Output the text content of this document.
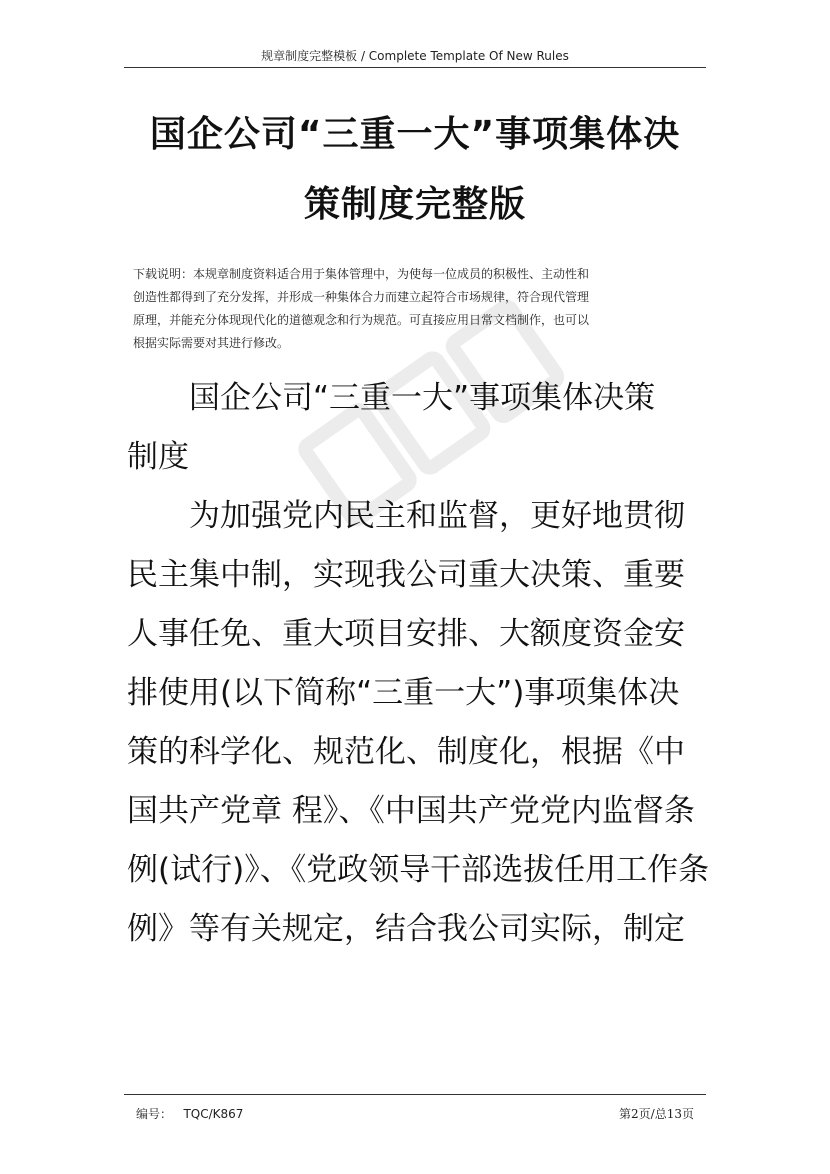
规章制度完整模板 / Complete Template Of New Rules
国企公司“三重一大”事项集体决
策制度完整版
下载说明：本规章制度资料适合用于集体管理中，为使每一位成员的积极性、主动性和
创造性都得到了充分发挥，并形成一种集体合力而建立起符合市场规律，符合现代管理
原理，并能充分体现现代化的道德观念和行为规范。可直接应用日常文档制作，也可以
根据实际需要对其进行修改。
国企公司“三重一大”事项集体决策
制度
为加强党内民主和监督，更好地贯彻
民主集中制，实现我公司重大决策、重要
人事任免、重大项目安排、大额度资金安
排使用(以下简称“三重一大”)事项集体决
策的科学化、规范化、制度化，根据《中
国共产党章 程》、《中国共产党党内监督条
例(试行)》、《党政领导干部选拔任用工作条
例》等有关规定，结合我公司实际，制定
编号： TQC/K867	第2页/总13页
